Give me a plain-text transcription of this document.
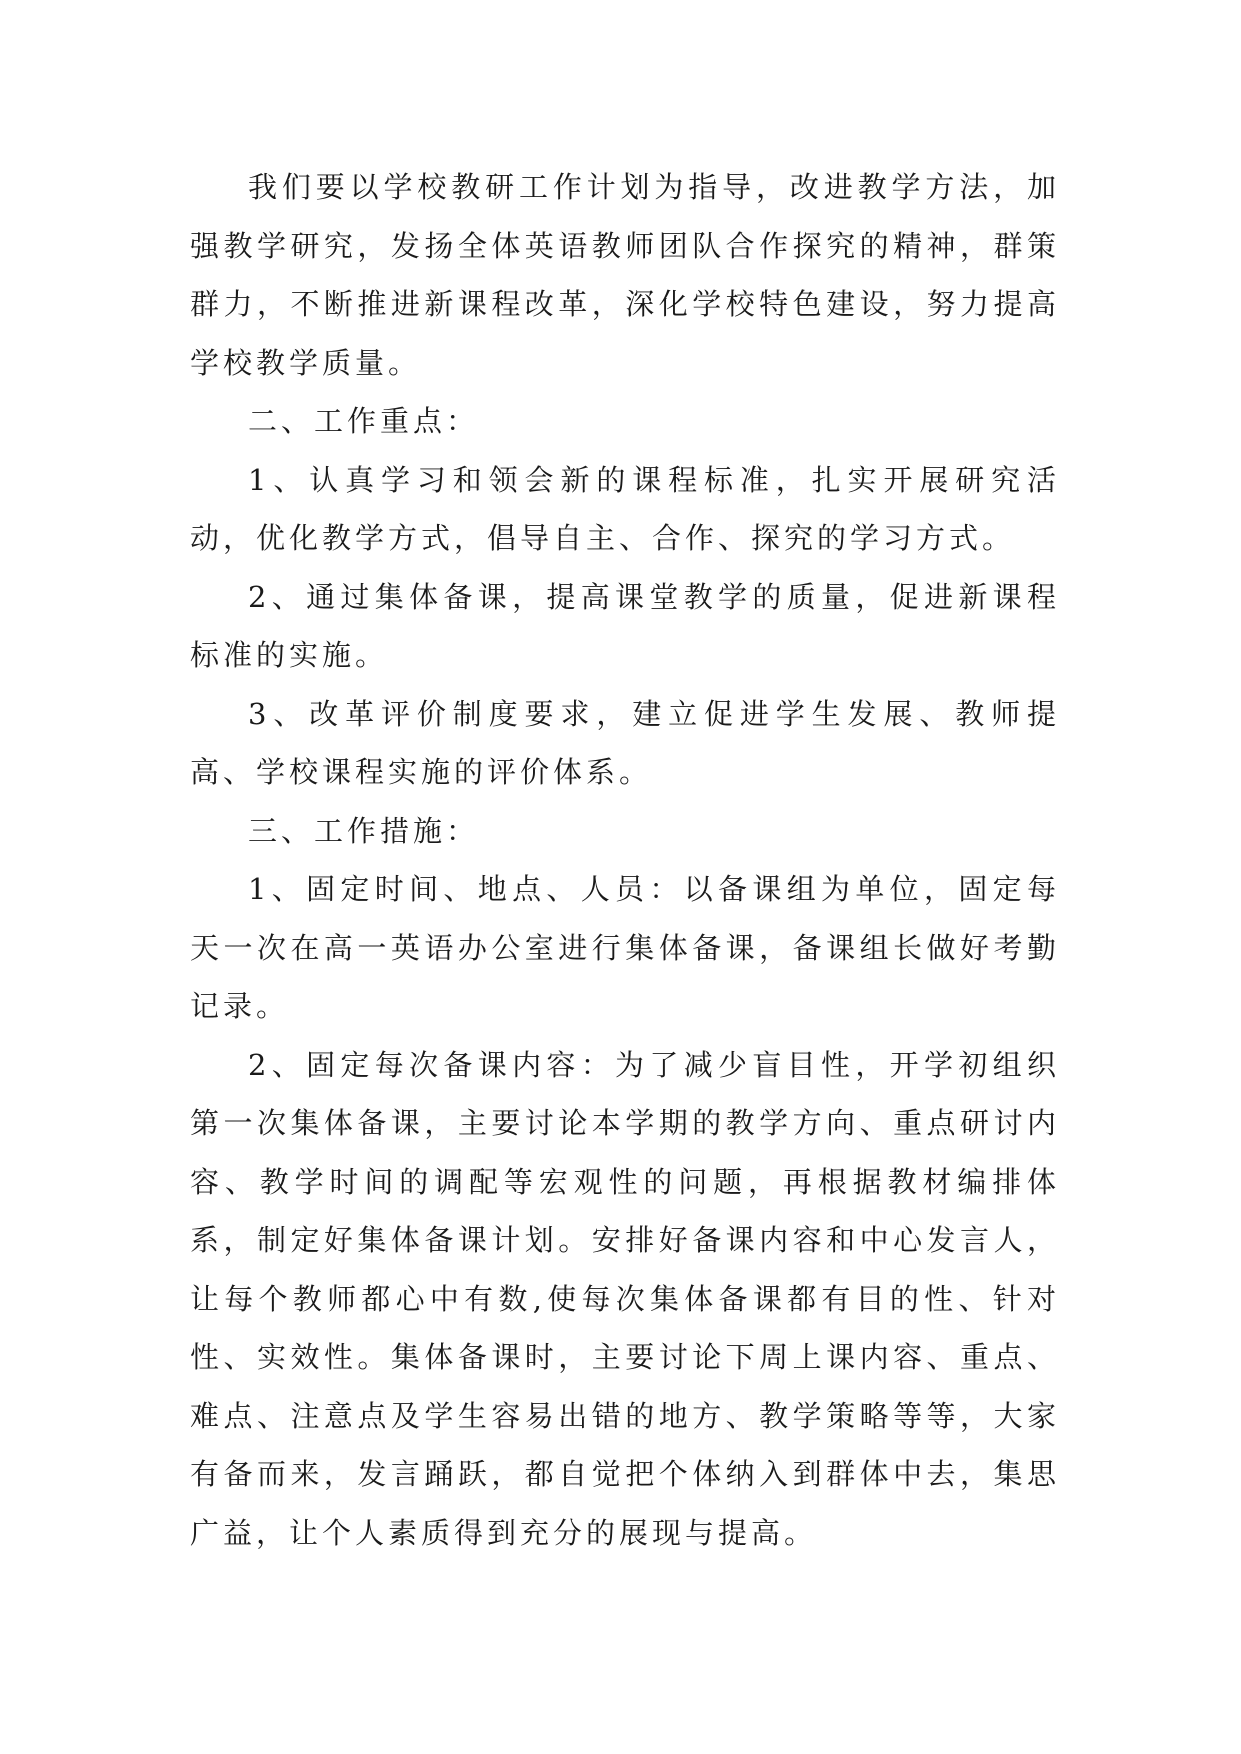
我们要以学校教研工作计划为指导，改进教学方法，加强教学研究，发扬全体英语教师团队合作探究的精神，群策群力，不断推进新课程改革，深化学校特色建设，努力提高学校教学质量。

二、工作重点：

1、认真学习和领会新的课程标准，扎实开展研究活动，优化教学方式，倡导自主、合作、探究的学习方式。

2、通过集体备课，提高课堂教学的质量，促进新课程标准的实施。

3、改革评价制度要求，建立促进学生发展、教师提高、学校课程实施的评价体系。

三、工作措施：

1、固定时间、地点、人员：以备课组为单位，固定每天一次在高一英语办公室进行集体备课，备课组长做好考勤记录。

2、固定每次备课内容：为了减少盲目性，开学初组织第一次集体备课，主要讨论本学期的教学方向、重点研讨内容、教学时间的调配等宏观性的问题，再根据教材编排体系，制定好集体备课计划。安排好备课内容和中心发言人，让每个教师都心中有数,使每次集体备课都有目的性、针对性、实效性。集体备课时，主要讨论下周上课内容、重点、难点、注意点及学生容易出错的地方、教学策略等等，大家有备而来，发言踊跃，都自觉把个体纳入到群体中去，集思广益，让个人素质得到充分的展现与提高。
